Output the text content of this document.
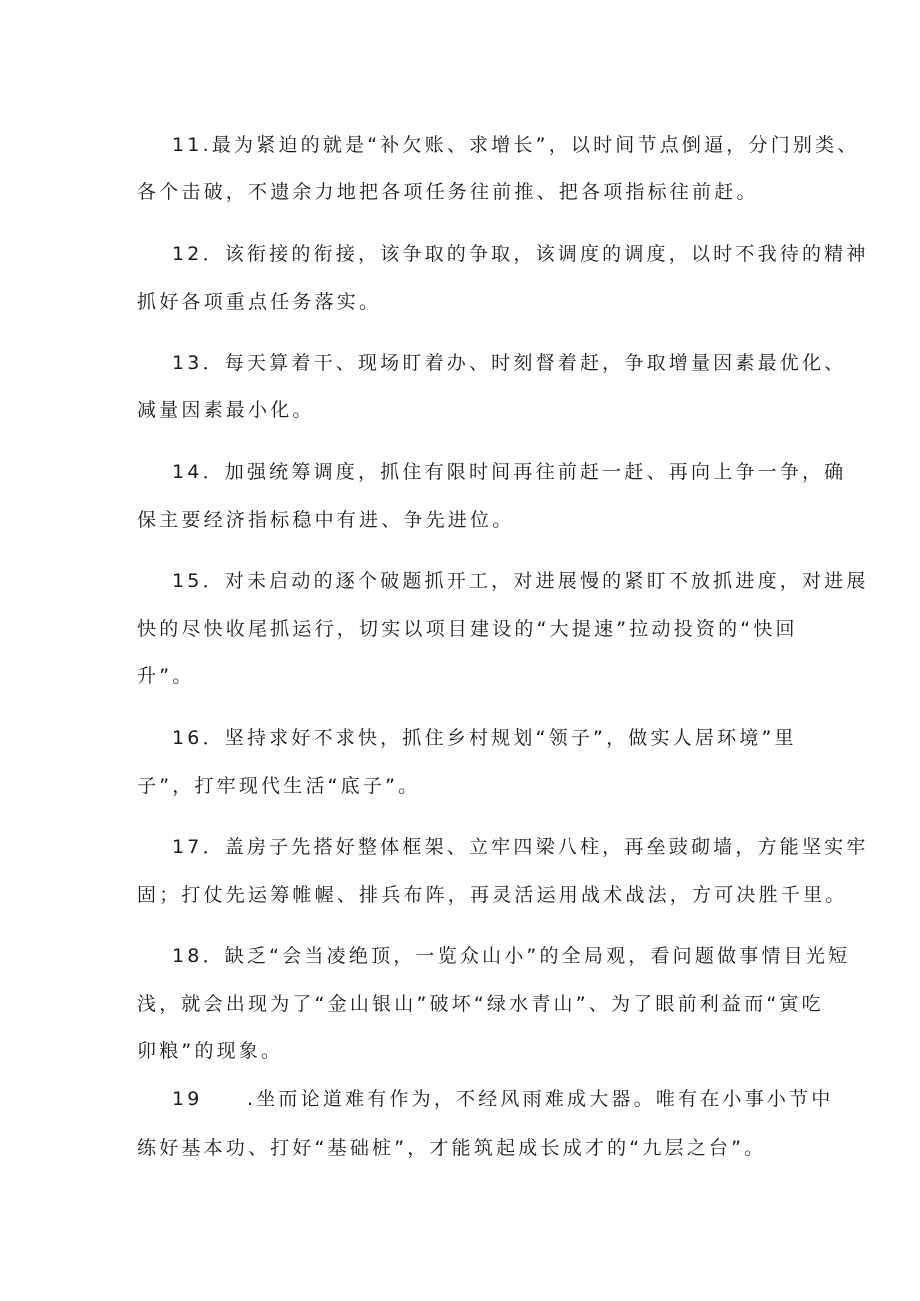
11.最为紧迫的就是“补欠账、求增长”，以时间节点倒逼，分门别类、
各个击破，不遗余力地把各项任务往前推、把各项指标往前赶。
12．该衔接的衔接，该争取的争取，该调度的调度，以时不我待的精神
抓好各项重点任务落实。
13．每天算着干、现场盯着办、时刻督着赶，争取增量因素最优化、
减量因素最小化。
14．加强统筹调度，抓住有限时间再往前赶一赶、再向上争一争，确
保主要经济指标稳中有进、争先进位。
15．对未启动的逐个破题抓开工，对进展慢的紧盯不放抓进度，对进展
快的尽快收尾抓运行，切实以项目建设的“大提速”拉动投资的“快回
升”。
16．坚持求好不求快，抓住乡村规划“领子”，做实人居环境”里
子”，打牢现代生活“底子”。
17．盖房子先搭好整体框架、立牢四梁八柱，再垒豉砌墙，方能坚实牢
固；打仗先运筹帷幄、排兵布阵，再灵活运用战术战法，方可决胜千里。
18．缺乏“会当凌绝顶，一览众山小”的全局观，看问题做事情目光短
浅，就会出现为了“金山银山”破坏“绿水青山”、为了眼前利益而“寅吃
卯粮”的现象。
19　　.坐而论道难有作为，不经风雨难成大器。唯有在小事小节中
练好基本功、打好“基础桩”，才能筑起成长成才的“九层之台”。
